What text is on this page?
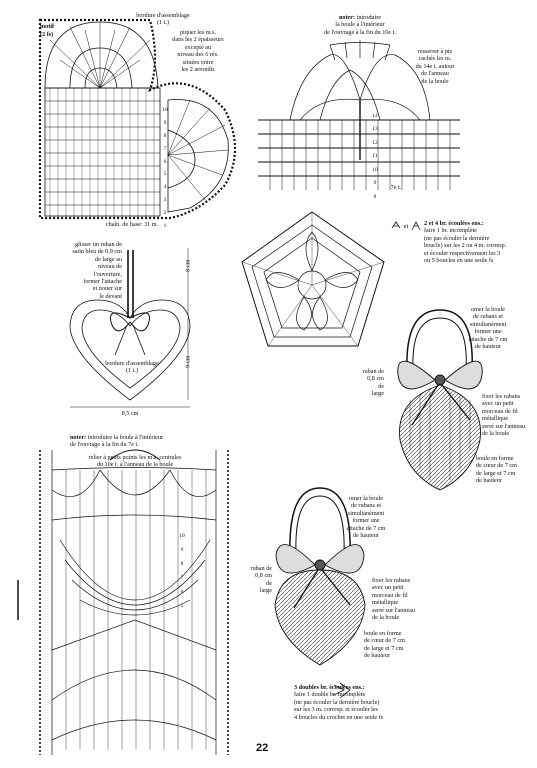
motif
(2 fs)

bordure d'assemblage
(1 t.)
piquer les m.s.
dans les 2 épaisseurs
excepté au
niveau des 6 rés.
situées entre
les 2 arrondis
chaîn. de base: 31 m.

10
9
8
7
6
5
4
3
2
1

noter: introduire
la boule à l'intérieur
de l'ouvrage à la fin du 10e t.
resserrer à pts
cachés les m.
du 14e t. autour
de l'anneau
de la boule

14
13
12
11
10
9
8

7e t.
glisser un ruban de
satin bleu de 0,9 cm
de large au
niveau de
l'ouverture,
former l'attache
et nouer sur
le devant
bordure d'assemblage
(1 t.)
8 cm
9 cm
8,5 cm
et	2 et 4 br. écoulées ens.:
faire 1 br. incomplète
(ne pas écouler la dernière
boucle) sur les 2 ou 4 m. corresp.
et écouler respectivement les 3
ou 5 boucles en une seule fs
omer la boule
de rubans et
simultanément
former une
attache de 7 cm
de hauteur
ruban de
0,8 cm
de
large	fixer les rubans
avec un petit
morceau de fil
métallique
serré sur l'anneau
de la boule
boule en forme
de cœur de 7 cm
de large et 7 cm
de hauteur
noter: introduire la boule à l'intérieur
de l'ouvrage à la fin du 7e t.
relier à petits points les m.s. centrales
du 10e t. à l'anneau de la boule

10
9
8
7
6
5

omer la boule
de rubans et
simultanément
former une
attache de 7 cm
de hauteur
ruban de
0,8 cm
de
large
fixer les rubans
avec un petit
morceau de fil
métallique
serré sur l'anneau
de la boule
boule en forme
de cœur de 7 cm
de large et 7 cm
de hauteur
3 doubles br. écoulées ens.:
faire 1 double br. incomplète
(ne pas écouler la dernière boucle)
sur les 3 m. corresp. et écouler les
4 boucles du crochet en une seule fs
22
